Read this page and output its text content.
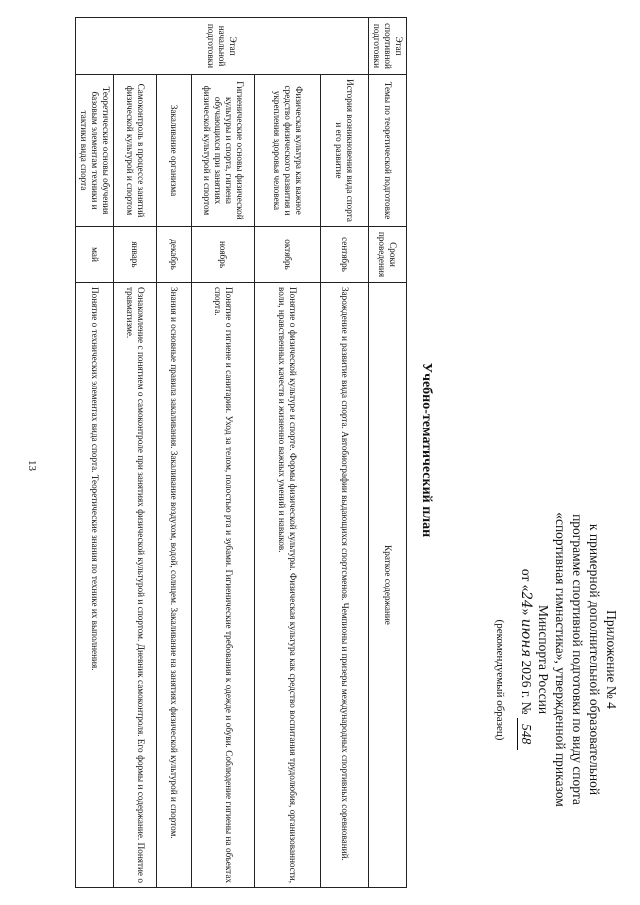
13
Приложение № 4
к примерной дополнительной образовательной
программе спортивной подготовки по виду спорта
«спортивная гимнастика», утвержденной приказом
Минспорта России
от «24» июня 2026 г. № 548
(рекомендуемый образец)
Учебно-тематический план
Этап спортивной подготовки	Темы по теоретической подготовке	Сроки проведения	Краткое содержание
Этап начальной подготовки	История возникновения вида спорта и его развитие	сентябрь	Зарождение и развитие вида спорта. Автобиографии выдающихся спортсменов. Чемпионы и призеры международных спортивных соревнований.
	Физическая культура как важное средство физического развития и укрепления здоровья человека	октябрь	Понятие о физической культуре и спорте. Формы физической культуры. Физическая культура как средство воспитания трудолюбия, организованности, воли, нравственных качеств и жизненно важных умений и навыков.
	Гигиенические основы физической культуры и спорта, гигиена обучающихся при занятиях физической культурой и спортом	ноябрь	Понятие о гигиене и санитарии. Уход за телом, полостью рта и зубами. Гигиенические требования к одежде и обуви. Соблюдение гигиены на объектах спорта.
	Закаливание организма	декабрь	Знания и основные правила закаливания. Закаливание воздухом, водой, солнцем. Закаливание на занятиях физической культурой и спортом.
	Самоконтроль в процессе занятий физической культурой и спортом	январь	Ознакомление с понятием о самоконтроле при занятиях физической культурой и спортом. Дневник самоконтроля. Его формы и содержание. Понятие о травматизме.
	Теоретические основы обучения базовым элементам техники и тактики вида спорта	май	Понятие о технических элементах вида спорта. Теоретические знания по технике их выполнения.
